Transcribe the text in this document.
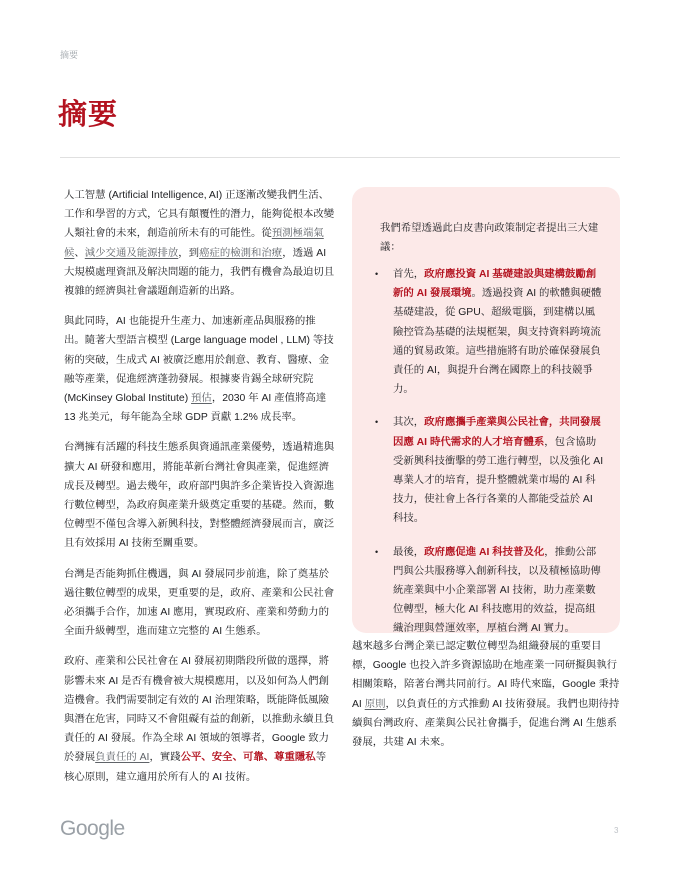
摘要
摘要

人工智慧 (Artificial Intelligence, AI) 正逐漸改變我們生活、工作和學習的方式，它具有顛覆性的潛力，能夠從根本改變人類社會的未來，創造前所未有的可能性。從預測極端氣候、減少交通及能源排放，到癌症的檢測和治療，透過 AI 大規模處理資訊及解決問題的能力，我們有機會為最迫切且複雜的經濟與社會議題創造新的出路。

與此同時，AI 也能提升生產力、加速新產品與服務的推出。隨著大型語言模型 (Large language model , LLM) 等技術的突破，生成式 AI 被廣泛應用於創意、教育、醫療、金融等產業，促進經濟蓬勃發展。根據麥肯錫全球研究院 (McKinsey Global Institute) 預估，2030 年 AI 產值將高達 13 兆美元，每年能為全球 GDP 貢獻 1.2% 成長率。

台灣擁有活躍的科技生態系與資通訊產業優勢，透過精進與擴大 AI 研發和應用，將能革新台灣社會與產業，促進經濟成長及轉型。過去幾年，政府部門與許多企業皆投入資源進行數位轉型，為政府與產業升級奠定重要的基礎。然而，數位轉型不僅包含導入新興科技，對整體經濟發展而言，廣泛且有效採用 AI 技術至關重要。

台灣是否能夠抓住機遇，與 AI 發展同步前進，除了奠基於過往數位轉型的成果，更重要的是，政府、產業和公民社會必須攜手合作，加速 AI 應用，實現政府、產業和勞動力的全面升級轉型，進而建立完整的 AI 生態系。

政府、產業和公民社會在 AI 發展初期階段所做的選擇，將影響未來 AI 是否有機會被大規模應用，以及如何為人們創造機會。我們需要制定有效的 AI 治理策略，既能降低風險與潛在危害，同時又不會阻礙有益的創新，以推動永續且負責任的 AI 發展。作為全球 AI 領域的領導者，Google 致力於發展負責任的 AI，實踐公平、安全、可靠、尊重隱私等核心原則，建立適用於所有人的 AI 技術。

我們希望透過此白皮書向政策制定者提出三大建議：

• 首先，政府應投資 AI 基礎建設與建構鼓勵創新的 AI 發展環境。透過投資 AI 的軟體與硬體基礎建設，從 GPU、超級電腦，到建構以風險控管為基礎的法規框架，與支持資料跨境流通的貿易政策。這些措施將有助於確保發展負責任的 AI，與提升台灣在國際上的科技競爭力。
• 其次，政府應攜手產業與公民社會，共同發展因應 AI 時代需求的人才培育體系，包含協助受新興科技衝擊的勞工進行轉型，以及強化 AI 專業人才的培育，提升整體就業市場的 AI 科技力，使社會上各行各業的人都能受益於 AI 科技。
• 最後，政府應促進 AI 科技普及化，推動公部門與公共服務導入創新科技，以及積極協助傳統產業與中小企業部署 AI 技術，助力產業數位轉型，極大化 AI 科技應用的效益，提高組織治理與營運效率，厚植台灣 AI 實力。

越來越多台灣企業已認定數位轉型為組織發展的重要目標，Google 也投入許多資源協助在地產業一同研擬與執行相關策略，陪著台灣共同前行。AI 時代來臨，Google 秉持 AI 原則，以負責任的方式推動 AI 技術發展。我們也期待持續與台灣政府、產業與公民社會攜手，促進台灣 AI 生態系發展，共建 AI 未來。

Google	3
